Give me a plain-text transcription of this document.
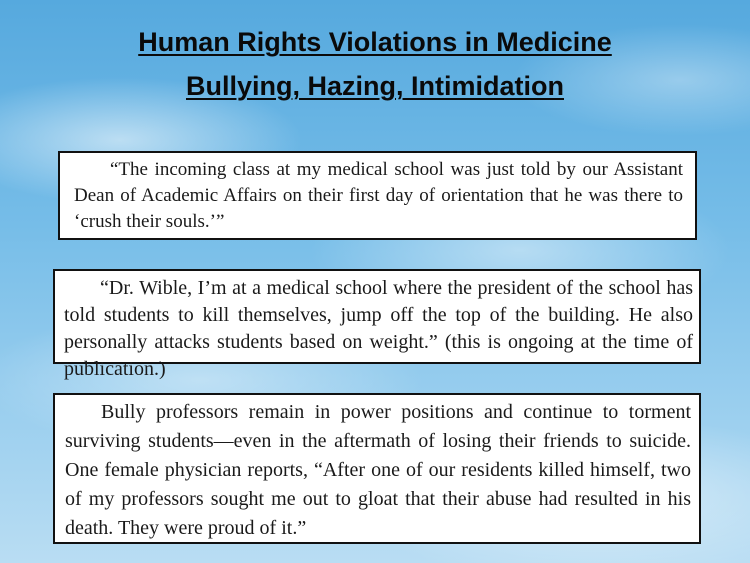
Human Rights Violations in Medicine
Bullying, Hazing, Intimidation

“The incoming class at my medical school was just told by our Assistant Dean of Academic Affairs on their first day of orientation that he was there to ‘crush their souls.’”

“Dr. Wible, I’m at a medical school where the president of the school has told students to kill themselves, jump off the top of the building. He also personally attacks students based on weight.” (this is ongoing at the time of publication.)

Bully professors remain in power positions and continue to torment surviving students—even in the aftermath of losing their friends to suicide. One female physician reports, “After one of our residents killed himself, two of my professors sought me out to gloat that their abuse had resulted in his death. They were proud of it.”
